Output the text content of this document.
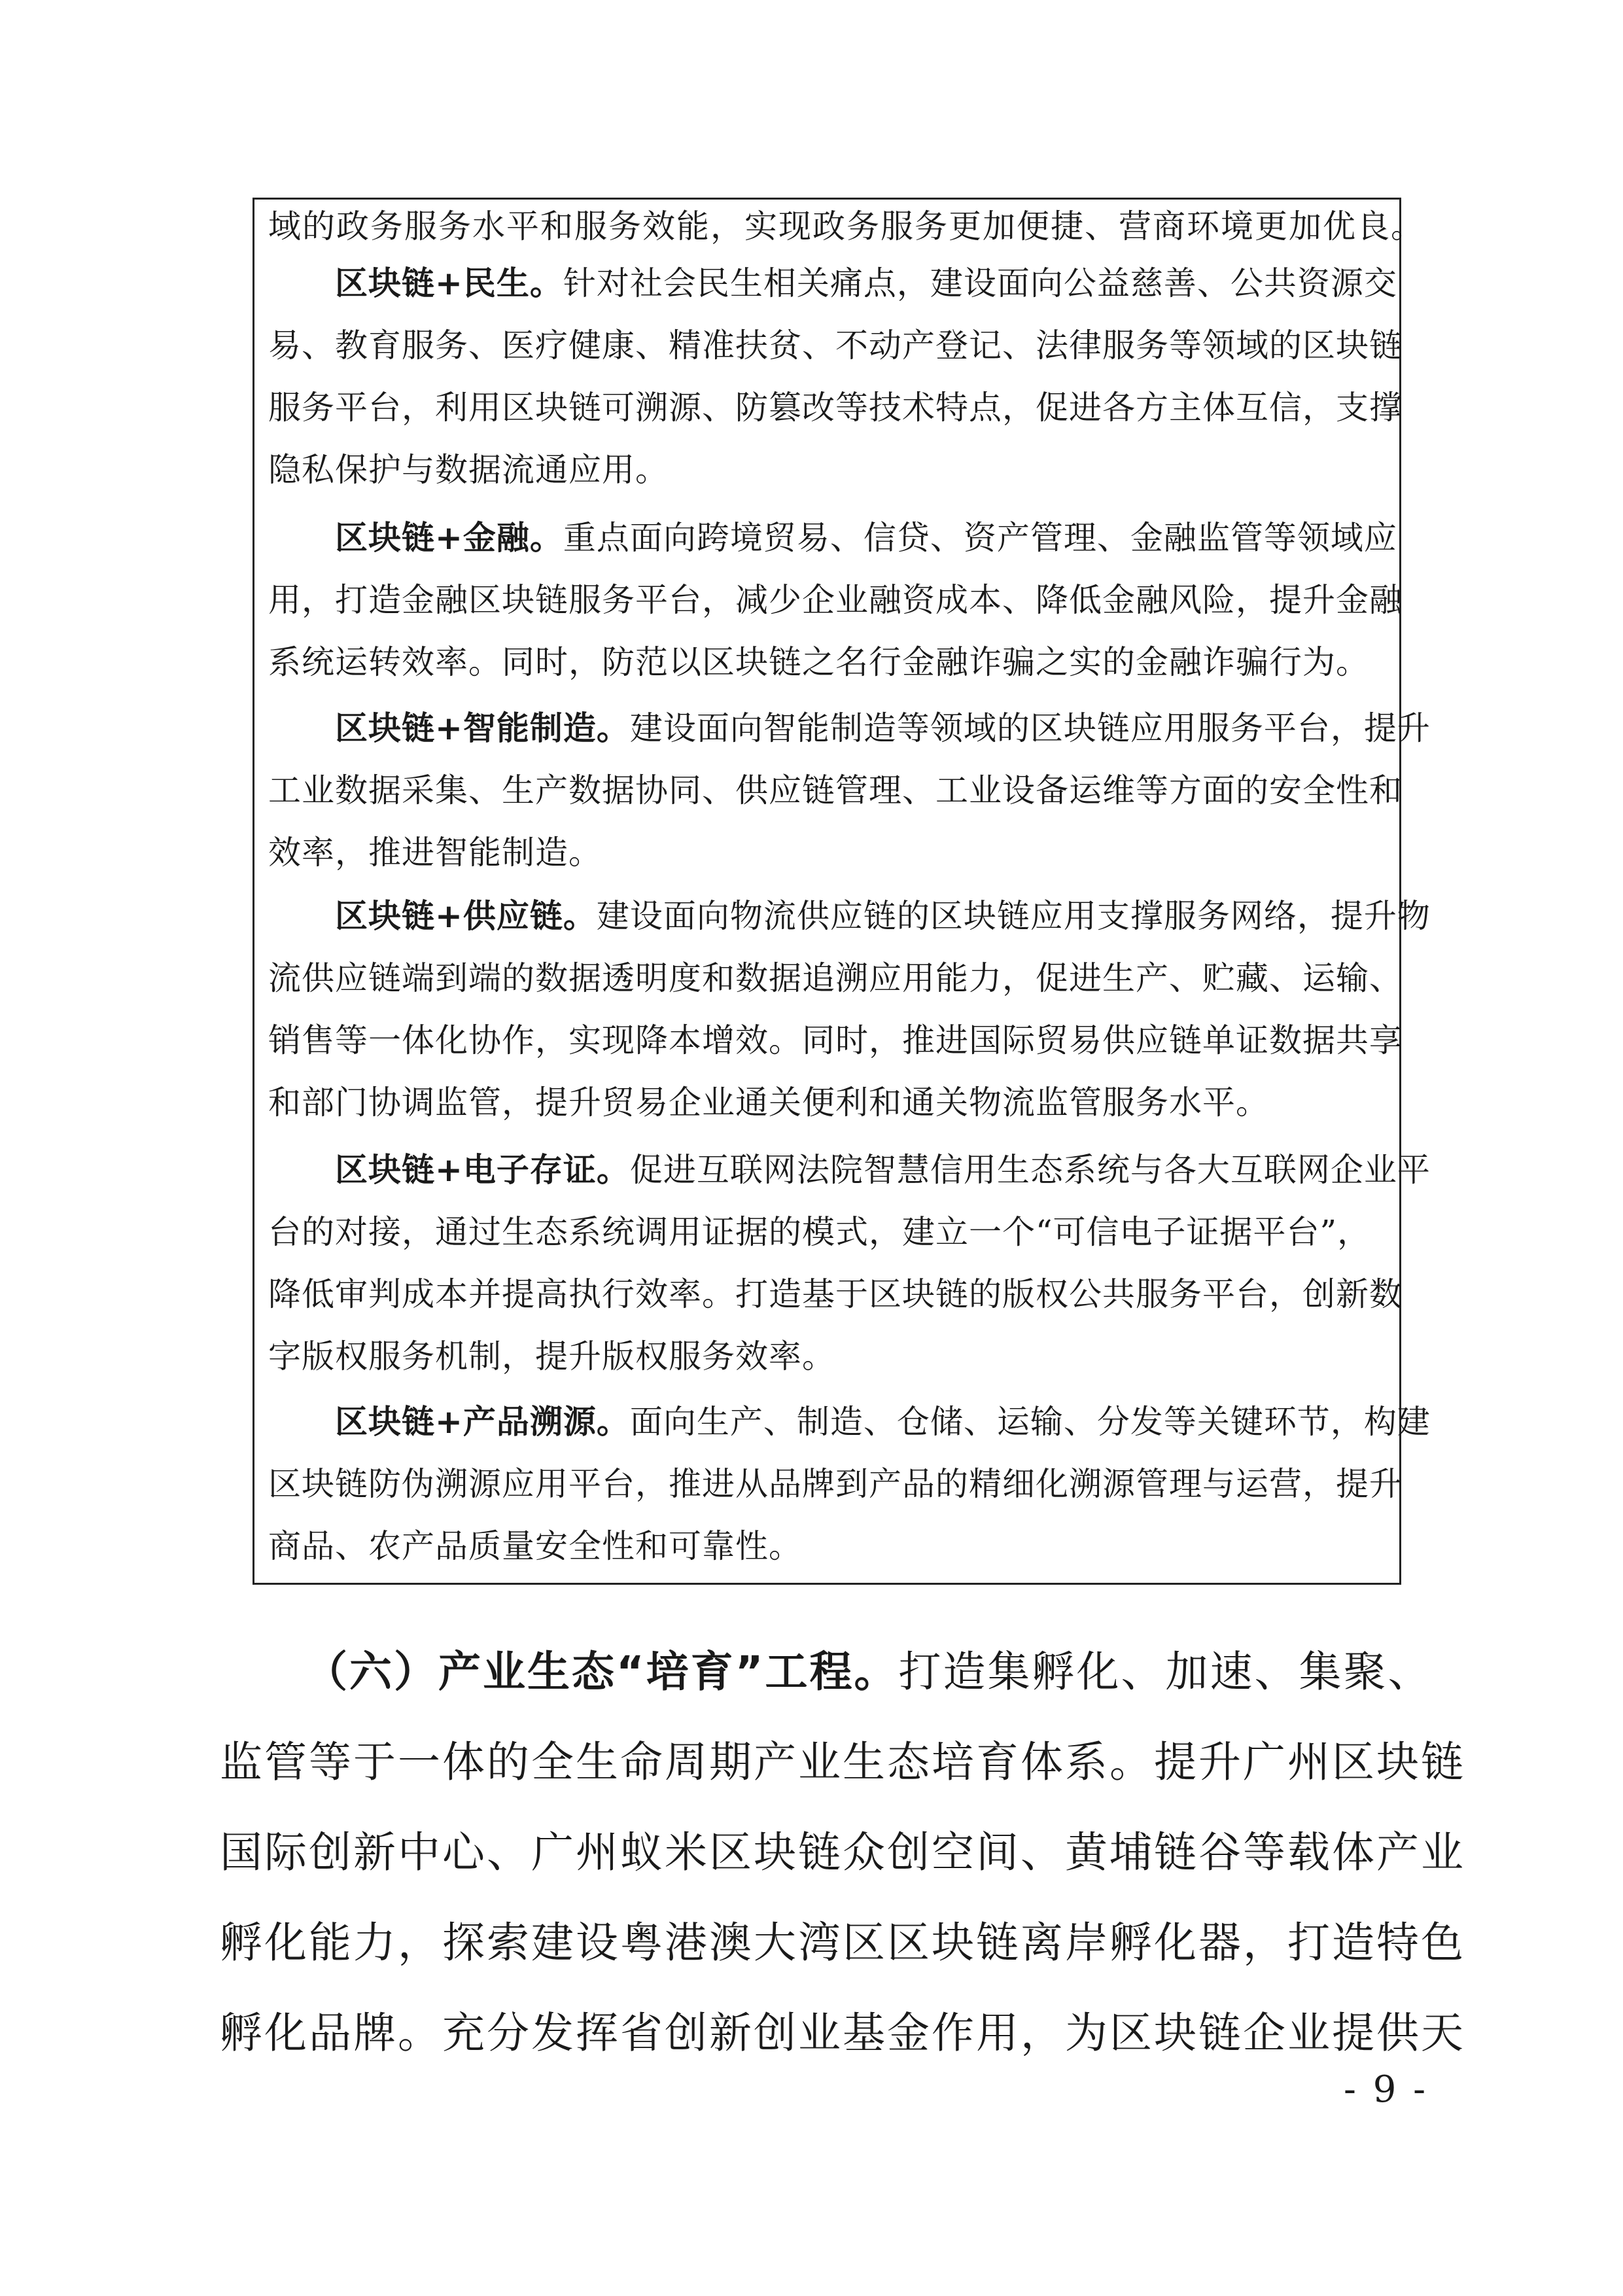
域的政务服务水平和服务效能，实现政务服务更加便捷、营商环境更加优良。
区块链+民生。针对社会民生相关痛点，建设面向公益慈善、公共资源交
易、教育服务、医疗健康、精准扶贫、不动产登记、法律服务等领域的区块链
服务平台，利用区块链可溯源、防篡改等技术特点，促进各方主体互信，支撑
隐私保护与数据流通应用。
区块链+金融。重点面向跨境贸易、信贷、资产管理、金融监管等领域应
用，打造金融区块链服务平台，减少企业融资成本、降低金融风险，提升金融
系统运转效率。同时，防范以区块链之名行金融诈骗之实的金融诈骗行为。
区块链+智能制造。建设面向智能制造等领域的区块链应用服务平台，提升
工业数据采集、生产数据协同、供应链管理、工业设备运维等方面的安全性和
效率，推进智能制造。
区块链+供应链。建设面向物流供应链的区块链应用支撑服务网络，提升物
流供应链端到端的数据透明度和数据追溯应用能力，促进生产、贮藏、运输、
销售等一体化协作，实现降本增效。同时，推进国际贸易供应链单证数据共享
和部门协调监管，提升贸易企业通关便利和通关物流监管服务水平。
区块链+电子存证。促进互联网法院智慧信用生态系统与各大互联网企业平
台的对接，通过生态系统调用证据的模式，建立一个“可信电子证据平台”，
降低审判成本并提高执行效率。打造基于区块链的版权公共服务平台，创新数
字版权服务机制，提升版权服务效率。
区块链+产品溯源。面向生产、制造、仓储、运输、分发等关键环节，构建
区块链防伪溯源应用平台，推进从品牌到产品的精细化溯源管理与运营，提升
商品、农产品质量安全性和可靠性。
（六）产业生态“培育”工程。打造集孵化、加速、集聚、
监管等于一体的全生命周期产业生态培育体系。提升广州区块链
国际创新中心、广州蚁米区块链众创空间、黄埔链谷等载体产业
孵化能力，探索建设粤港澳大湾区区块链离岸孵化器，打造特色
孵化品牌。充分发挥省创新创业基金作用，为区块链企业提供天
- 9 -
